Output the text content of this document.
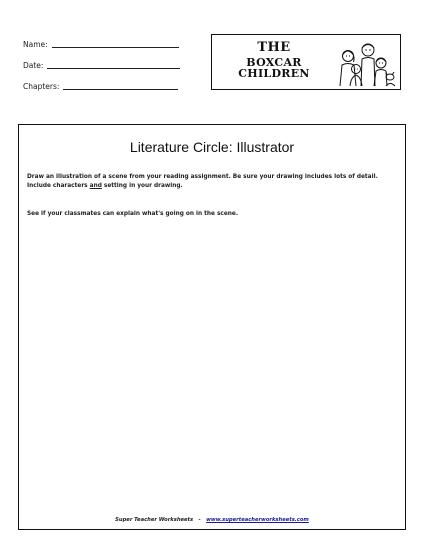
Name:
Date:
Chapters:
THE
BOXCAR CHILDREN
Literature Circle: Illustrator
Draw an illustration of a scene from your reading assignment. Be sure your drawing includes lots of detail. Include characters and setting in your drawing.
See if your classmates can explain what's going on in the scene.
Super Teacher Worksheets - www.superteacherworksheets.com
